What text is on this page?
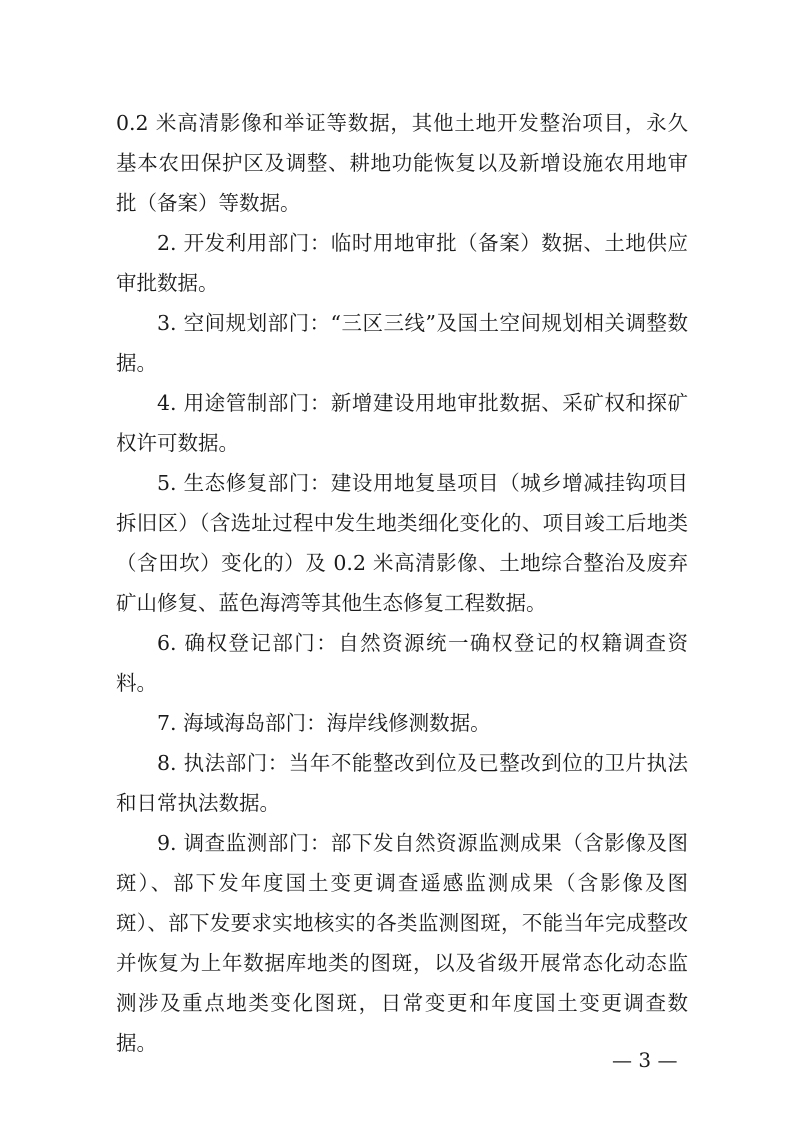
0.2 米高清影像和举证等数据，其他土地开发整治项目，永久基本农田保护区及调整、耕地功能恢复以及新增设施农用地审批（备案）等数据。

2. 开发利用部门：临时用地审批（备案）数据、土地供应审批数据。

3. 空间规划部门：“三区三线”及国土空间规划相关调整数据。

4. 用途管制部门：新增建设用地审批数据、采矿权和探矿权许可数据。

5. 生态修复部门：建设用地复垦项目（城乡增减挂钩项目拆旧区）（含选址过程中发生地类细化变化的、项目竣工后地类（含田坎）变化的）及 0.2 米高清影像、土地综合整治及废弃矿山修复、蓝色海湾等其他生态修复工程数据。

6. 确权登记部门：自然资源统一确权登记的权籍调查资料。

7. 海域海岛部门：海岸线修测数据。

8. 执法部门：当年不能整改到位及已整改到位的卫片执法和日常执法数据。

9. 调查监测部门：部下发自然资源监测成果（含影像及图斑）、部下发年度国土变更调查遥感监测成果（含影像及图斑）、部下发要求实地核实的各类监测图斑，不能当年完成整改并恢复为上年数据库地类的图斑，以及省级开展常态化动态监测涉及重点地类变化图斑，日常变更和年度国土变更调查数据。

— 3 —
